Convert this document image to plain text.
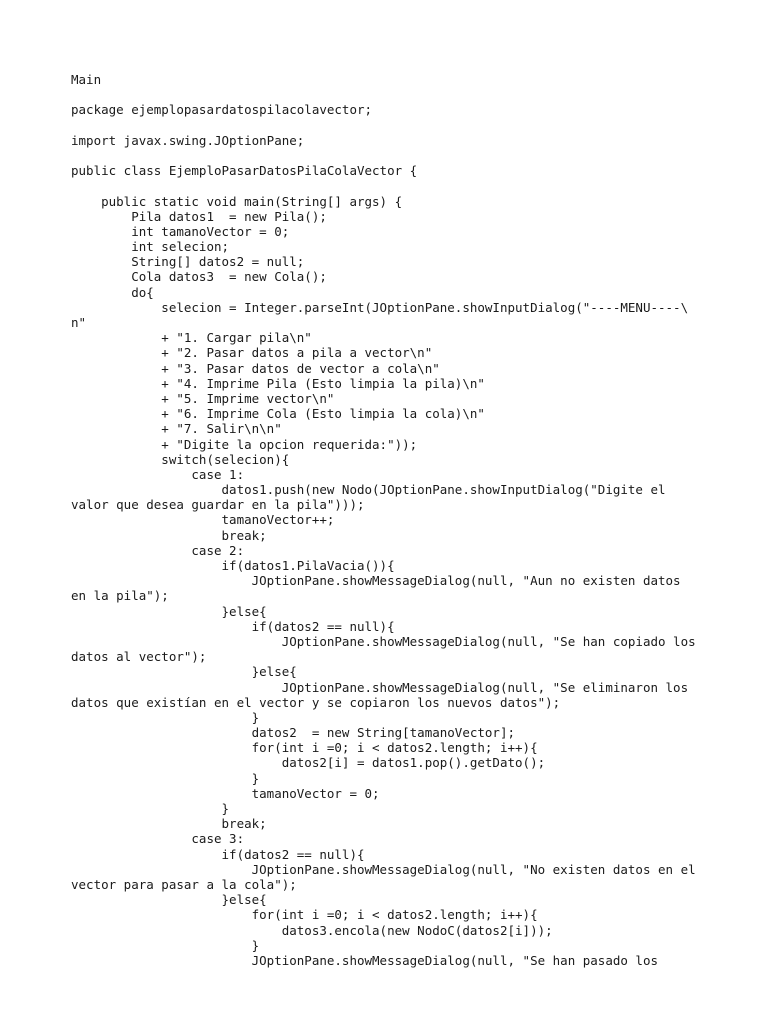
Main
package ejemplopasardatospilacolavector;
import javax.swing.JOptionPane;
public class EjemploPasarDatosPilaColaVector {
public static void main(String[] args) {
Pila datos1  = new Pila();
int tamanoVector = 0;
int selecion;
String[] datos2 = null;
Cola datos3  = new Cola();
do{
selecion = Integer.parseInt(JOptionPane.showInputDialog("----MENU----\
n"
+ "1. Cargar pila\n"
+ "2. Pasar datos a pila a vector\n"
+ "3. Pasar datos de vector a cola\n"
+ "4. Imprime Pila (Esto limpia la pila)\n"
+ "5. Imprime vector\n"
+ "6. Imprime Cola (Esto limpia la cola)\n"
+ "7. Salir\n\n"
+ "Digite la opcion requerida:"));
switch(selecion){
case 1:
datos1.push(new Nodo(JOptionPane.showInputDialog("Digite el
valor que desea guardar en la pila")));
tamanoVector++;
break;
case 2:
if(datos1.PilaVacia()){
JOptionPane.showMessageDialog(null, "Aun no existen datos
en la pila");
}else{
if(datos2 == null){
JOptionPane.showMessageDialog(null, "Se han copiado los
datos al vector");
}else{
JOptionPane.showMessageDialog(null, "Se eliminaron los
datos que existían en el vector y se copiaron los nuevos datos");
}
datos2  = new String[tamanoVector];
for(int i =0; i < datos2.length; i++){
datos2[i] = datos1.pop().getDato();
}
tamanoVector = 0;
}
break;
case 3:
if(datos2 == null){
JOptionPane.showMessageDialog(null, "No existen datos en el
vector para pasar a la cola");
}else{
for(int i =0; i < datos2.length; i++){
datos3.encola(new NodoC(datos2[i]));
}
JOptionPane.showMessageDialog(null, "Se han pasado los
